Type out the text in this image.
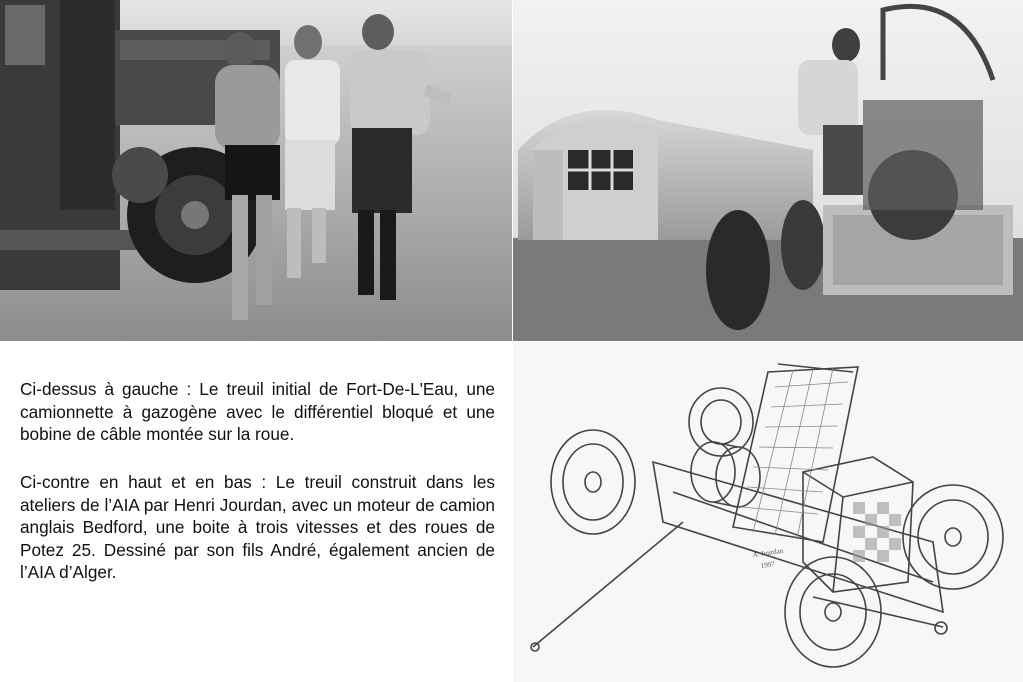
Ci-dessus à gauche : Le treuil initial de Fort-De-L'Eau, une camionnette à gazogène avec le différentiel bloqué et une bobine de câble montée sur la roue.

Ci-contre en haut et en bas : Le treuil construit dans les ateliers de l’AIA par Henri Jourdan, avec un moteur de camion anglais Bedford, une boite à trois vitesses et des roues de Potez 25. Dessiné par son fils André, également ancien de l’AIA d’Alger.

A. Jourdan
1997
